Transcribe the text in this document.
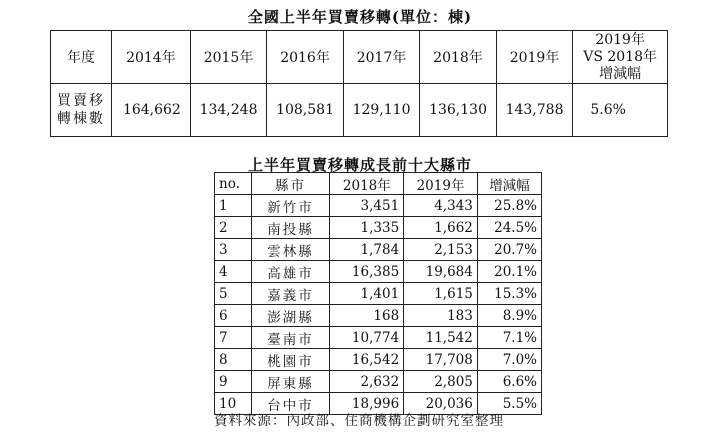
全國上半年買賣移轉(單位：棟)
年度	2014年	2015年	2016年	2017年	2018年	2019年	2019年
VS 2018年
增減幅

買賣移
轉棟數	164,662	134,248	108,581	129,110	136,130	143,788	5.6%
上半年買賣移轉成長前十大縣市
no.	縣市	2018年	2019年	增減幅
1	新竹市	3,451	4,343	25.8%
2	南投縣	1,335	1,662	24.5%
3	雲林縣	1,784	2,153	20.7%
4	高雄市	16,385	19,684	20.1%
5	嘉義市	1,401	1,615	15.3%
6	澎湖縣	168	183	8.9%
7	臺南市	10,774	11,542	7.1%
8	桃園市	16,542	17,708	7.0%
9	屏東縣	2,632	2,805	6.6%
10	台中市	18,996	20,036	5.5%
資料來源：內政部、住商機構企劃研究室整理
